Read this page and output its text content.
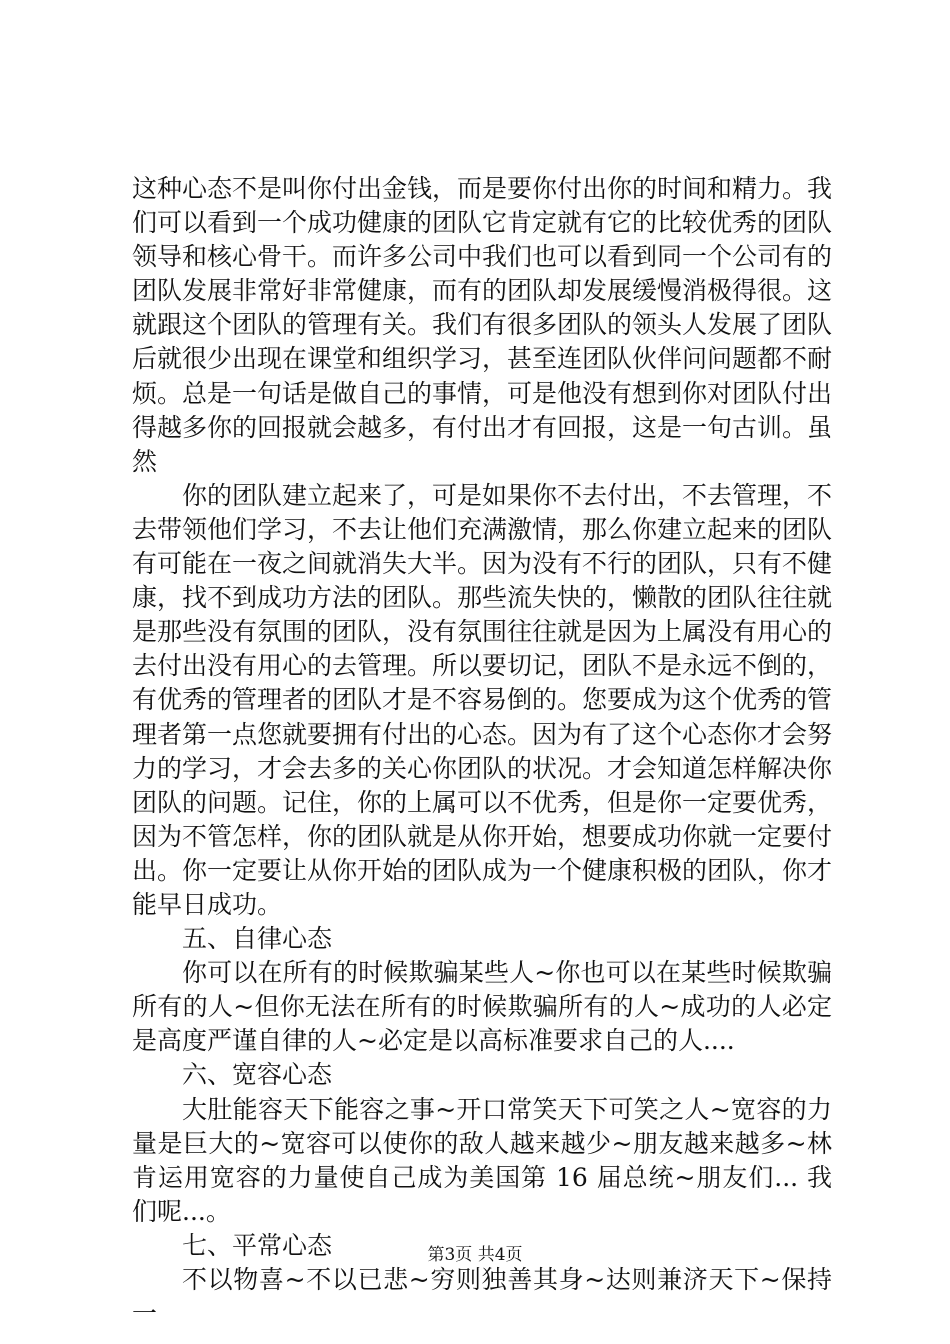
这种心态不是叫你付出金钱，而是要你付出你的时间和精力。我们可以看到一个成功健康的团队它肯定就有它的比较优秀的团队领导和核心骨干。而许多公司中我们也可以看到同一个公司有的团队发展非常好非常健康，而有的团队却发展缓慢消极得很。这就跟这个团队的管理有关。我们有很多团队的领头人发展了团队后就很少出现在课堂和组织学习，甚至连团队伙伴问问题都不耐烦。总是一句话是做自己的事情，可是他没有想到你对团队付出得越多你的回报就会越多，有付出才有回报，这是一句古训。虽然

你的团队建立起来了，可是如果你不去付出，不去管理，不去带领他们学习，不去让他们充满激情，那么你建立起来的团队有可能在一夜之间就消失大半。因为没有不行的团队，只有不健康，找不到成功方法的团队。那些流失快的，懒散的团队往往就是那些没有氛围的团队，没有氛围往往就是因为上属没有用心的去付出没有用心的去管理。所以要切记，团队不是永远不倒的，有优秀的管理者的团队才是不容易倒的。您要成为这个优秀的管理者第一点您就要拥有付出的心态。因为有了这个心态你才会努力的学习，才会去多的关心你团队的状况。才会知道怎样解决你团队的问题。记住，你的上属可以不优秀，但是你一定要优秀，因为不管怎样，你的团队就是从你开始，想要成功你就一定要付出。你一定要让从你开始的团队成为一个健康积极的团队，你才能早日成功。

五、自律心态

你可以在所有的时候欺骗某些人~你也可以在某些时候欺骗所有的人~但你无法在所有的时候欺骗所有的人~成功的人必定是高度严谨自律的人~必定是以高标准要求自己的人....

六、宽容心态

大肚能容天下能容之事~开口常笑天下可笑之人~宽容的力量是巨大的~宽容可以使你的敌人越来越少~朋友越来越多~林肯运用宽容的力量使自己成为美国第 16 届总统~朋友们... 我们呢...。

七、平常心态

不以物喜~不以已悲~穷则独善其身~达则兼济天下~保持一

第3页 共4页
